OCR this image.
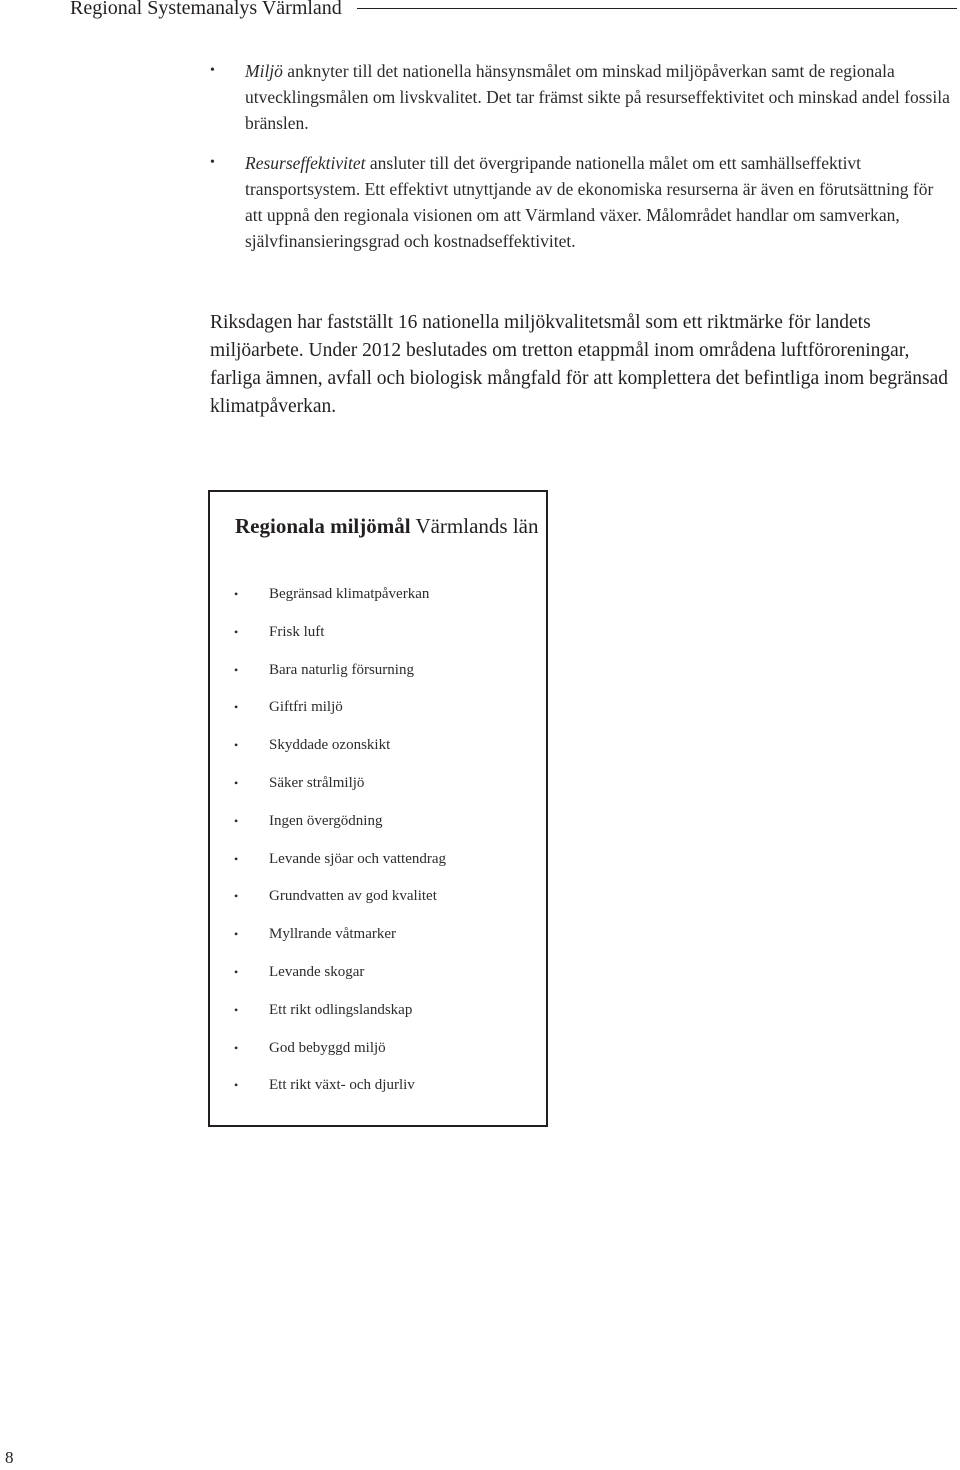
Regional Systemanalys Värmland
• Miljö anknyter till det nationella hänsynsmålet om minskad miljöpåverkan samt de regionala utvecklingsmålen om livskvalitet. Det tar främst sikte på resurseffektivitet och minskad andel fossila bränslen.
• Resurseffektivitet ansluter till det övergripande nationella målet om ett samhällseffektivt transportsystem. Ett effektivt utnyttjande av de ekonomiska resurserna är även en förutsättning för att uppnå den regionala visionen om att Värmland växer. Målområdet handlar om samverkan, självfinansieringsgrad och kostnadseffektivitet.

Riksdagen har fastställt 16 nationella miljökvalitetsmål som ett riktmärke för landets miljöarbete. Under 2012 beslutades om tretton etappmål inom områdena luftföroreningar, farliga ämnen, avfall och biologisk mångfald för att komplettera det befintliga inom begränsad klimatpåverkan.

Regionala miljömål Värmlands län
• Begränsad klimatpåverkan
• Frisk luft
• Bara naturlig försurning
• Giftfri miljö
• Skyddade ozonskikt
• Säker strålmiljö
• Ingen övergödning
• Levande sjöar och vattendrag
• Grundvatten av god kvalitet
• Myllrande våtmarker
• Levande skogar
• Ett rikt odlingslandskap
• God bebyggd miljö
• Ett rikt växt- och djurliv
8
